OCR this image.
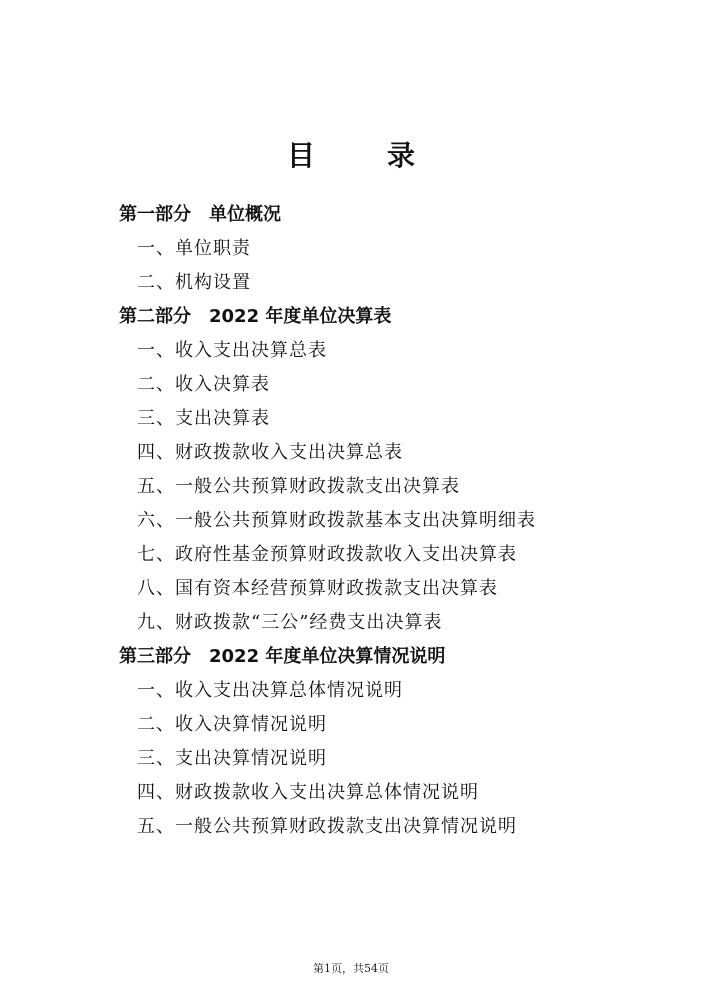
目　录
第一部分 单位概况
一、单位职责
二、机构设置
第二部分 2022 年度单位决算表
一、收入支出决算总表
二、收入决算表
三、支出决算表
四、财政拨款收入支出决算总表
五、一般公共预算财政拨款支出决算表
六、一般公共预算财政拨款基本支出决算明细表
七、政府性基金预算财政拨款收入支出决算表
八、国有资本经营预算财政拨款支出决算表
九、财政拨款“三公”经费支出决算表
第三部分 2022 年度单位决算情况说明
一、收入支出决算总体情况说明
二、收入决算情况说明
三、支出决算情况说明
四、财政拨款收入支出决算总体情况说明
五、一般公共预算财政拨款支出决算情况说明
第1页，共54页
